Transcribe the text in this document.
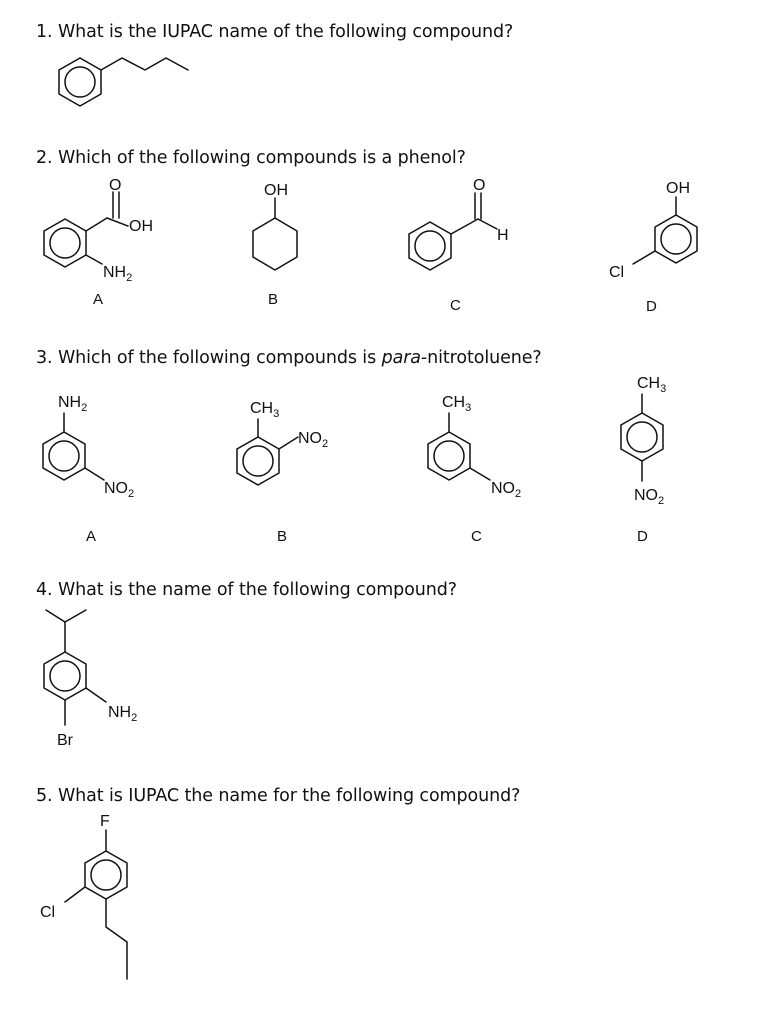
1. What is the IUPAC name of the following compound?
2. Which of the following compounds is a phenol?
3. Which of the following compounds is para-nitrotoluene?
4. What is the name of the following compound?
5. What is IUPAC the name for the following compound?
O
OH
$NH_2$
A
OH
B
O
H
C
OH
Cl
D
$NH_2$
$NO_2$
A
$CH_3$
$NO_2$
B
$CH_3$
$NO_2$
C
$CH_3$
$NO_2$
D
$NH_2$
Br
F
Cl
